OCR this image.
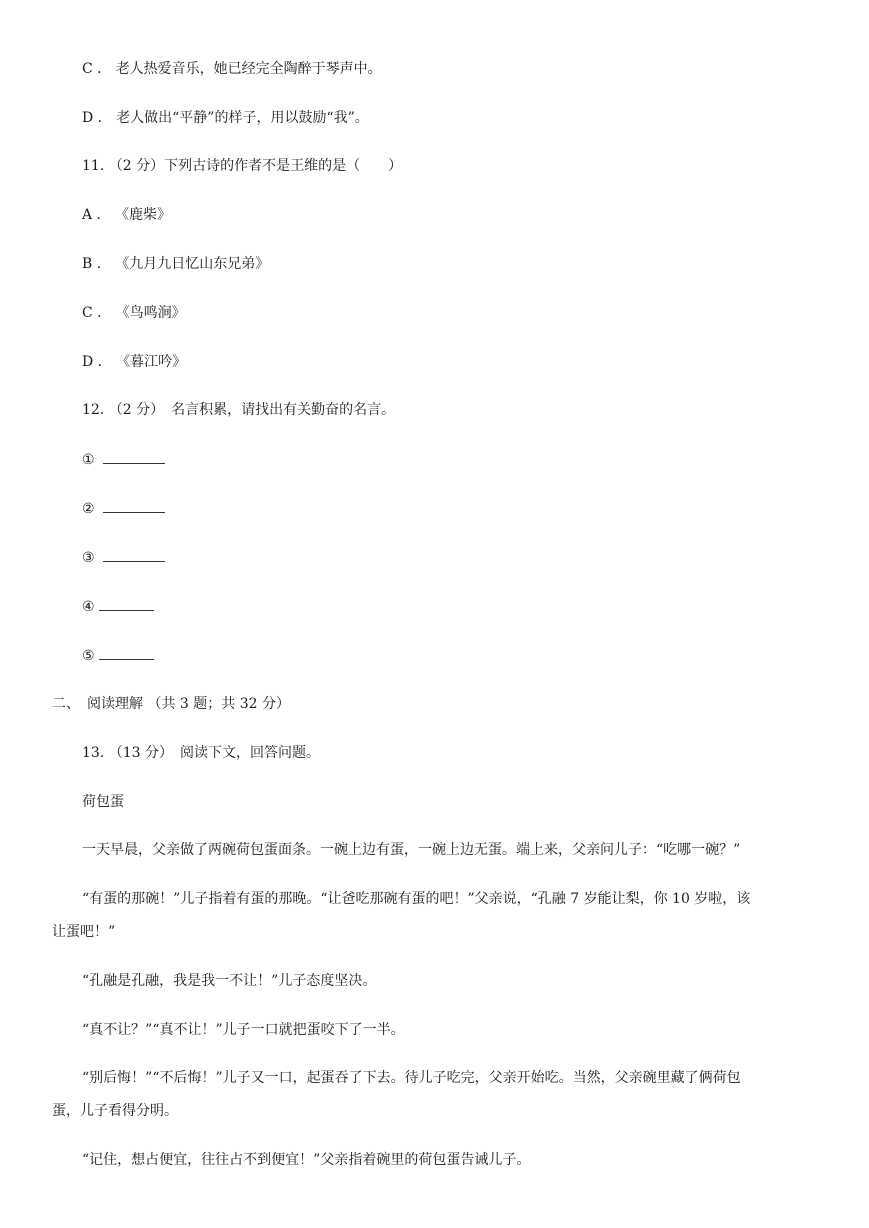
C ． 老人热爱音乐，她已经完全陶醉于琴声中。
D ． 老人做出“平静”的样子，用以鼓励“我”。
11. （2 分）下列古诗的作者不是王维的是（　　）
A ． 《鹿柴》
B ． 《九月九日忆山东兄弟》
C ． 《鸟鸣涧》
D ． 《暮江吟》
12. （2 分）　名言积累，请找出有关勤奋的名言。
①
②
③
④
⑤
二、　阅读理解 （共 3 题；共 32 分）
13. （13 分）　阅读下文，回答问题。
荷包蛋
一天早晨，父亲做了两碗荷包蛋面条。一碗上边有蛋，一碗上边无蛋。端上来，父亲问儿子：“吃哪一碗？”
“有蛋的那碗！”儿子指着有蛋的那晚。“让爸吃那碗有蛋的吧！”父亲说，“孔融 7 岁能让梨，你 10 岁啦，该
让蛋吧！”
“孔融是孔融，我是我一不让！”儿子态度坚决。
“真不让？”“真不让！”儿子一口就把蛋咬下了一半。
“别后悔！”“不后悔！”儿子又一口，起蛋吞了下去。待儿子吃完，父亲开始吃。当然，父亲碗里藏了俩荷包
蛋，儿子看得分明。
“记住，想占便宜，往往占不到便宜！”父亲指着碗里的荷包蛋告诫儿子。
